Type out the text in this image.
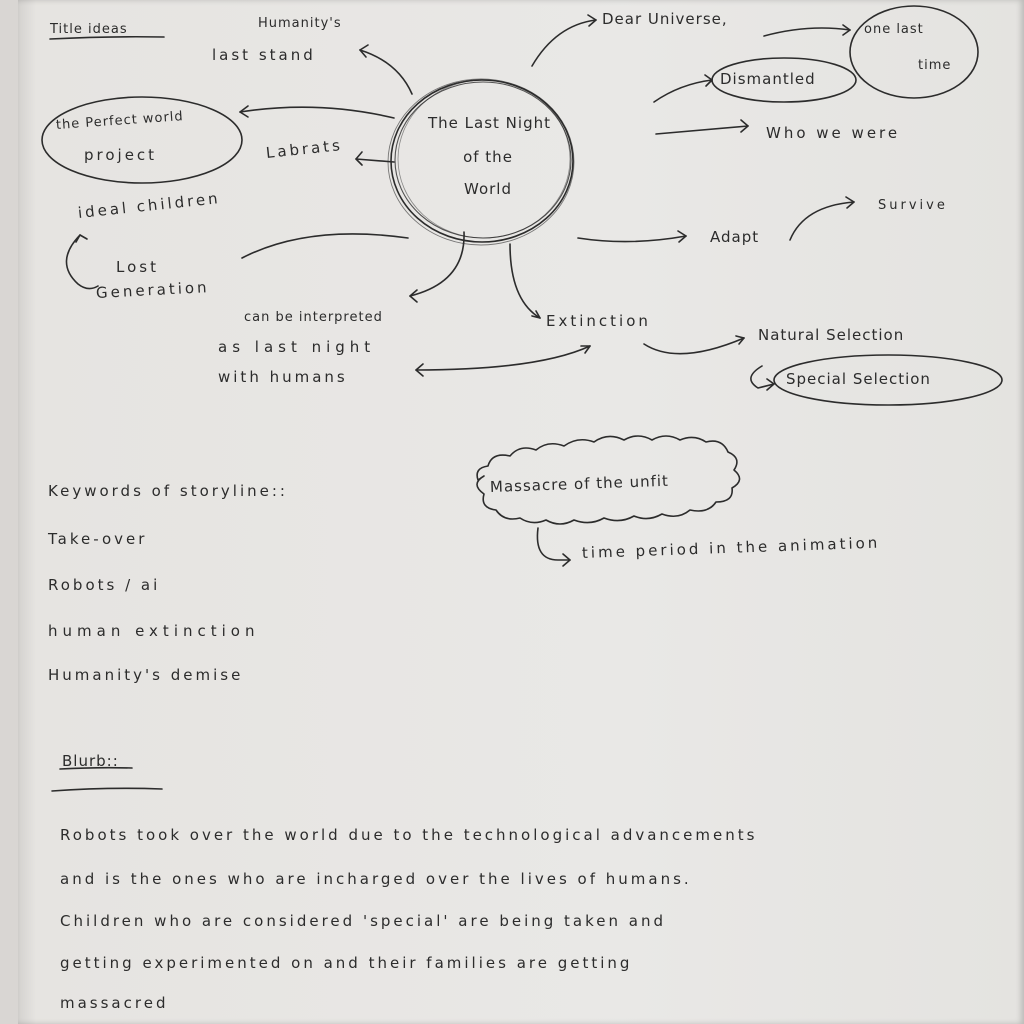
Title ideas
The Last Night
of the
World
Humanity's
last stand
the Perfect world
project	Labrats
ideal children
Lost
Generation
can be interpreted
as last night
with humans
Dear Universe,
one last
time
Dismantled
Who we were
Adapt
Survive
Extinction
Natural Selection
Special Selection
Massacre of the unfit
time period in the animation
Keywords of storyline::
Take-over
Robots / ai
human extinction
Humanity's demise
Blurb::
Robots took over the world due to the technological advancements
and is the ones who are incharged over the lives of humans.
Children who are considered 'special' are being taken and
getting experimented on and their families are getting
massacred
